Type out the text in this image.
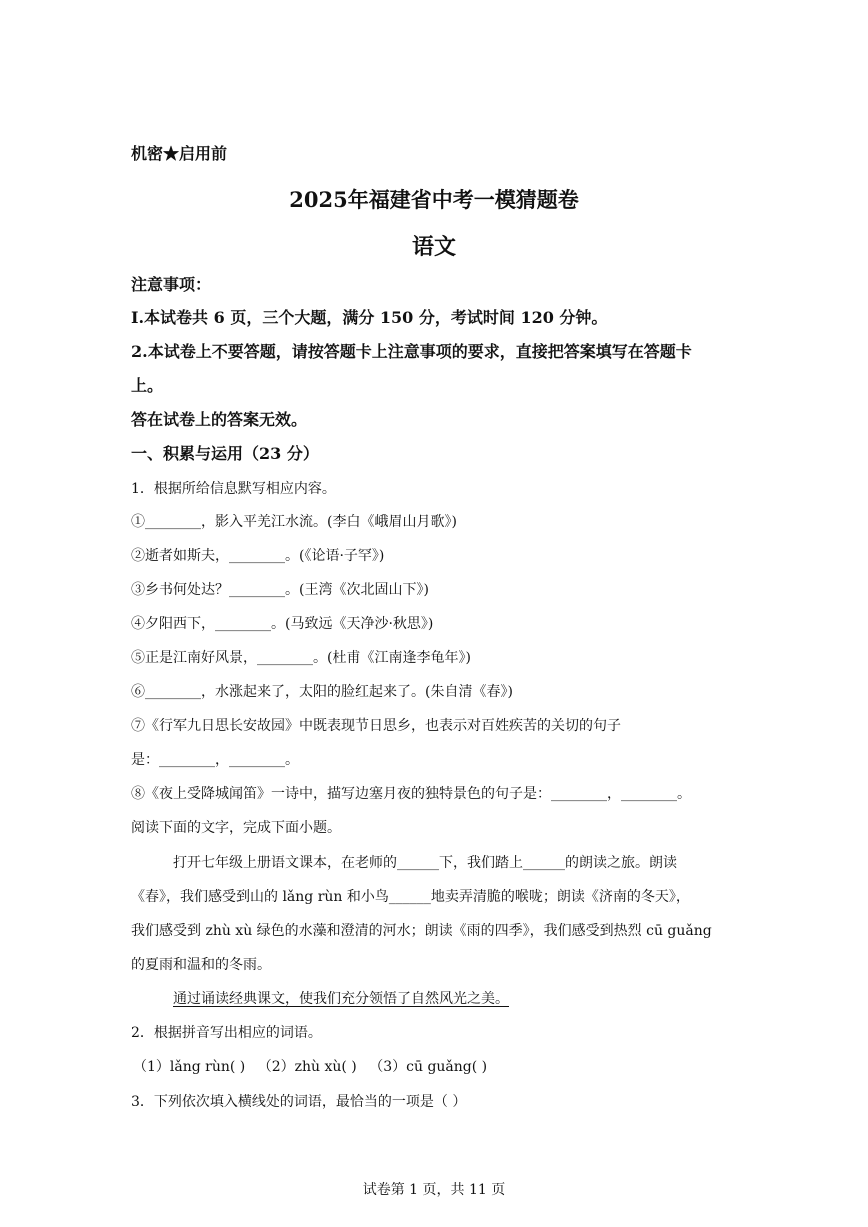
机密★启用前
2025年福建省中考一模猜题卷
语文
注意事项：
I.本试卷共 6 页，三个大题，满分 150 分，考试时间 120 分钟。
2.本试卷上不要答题，请按答题卡上注意事项的要求，直接把答案填写在答题卡
上。
答在试卷上的答案无效。
一、积累与运用（23 分）
1．根据所给信息默写相应内容。
①________，影入平羌江水流。(李白《峨眉山月歌》)
②逝者如斯夫，________。(《论语·子罕》)
③乡书何处达？________。(王湾《次北固山下》)
④夕阳西下，________。(马致远《天净沙·秋思》)
⑤正是江南好风景，________。(杜甫《江南逢李龟年》)
⑥________，水涨起来了，太阳的脸红起来了。(朱自清《春》)
⑦《行军九日思长安故园》中既表现节日思乡，也表示对百姓疾苦的关切的句子
是：________，________。
⑧《夜上受降城闻笛》一诗中，描写边塞月夜的独特景色的句子是：________，________。
阅读下面的文字，完成下面小题。
打开七年级上册语文课本，在老师的______下，我们踏上______的朗读之旅。朗读
《春》，我们感受到山的 lǎng rùn 和小鸟______地卖弄清脆的喉咙；朗读《济南的冬天》，
我们感受到 zhù xù 绿色的水藻和澄清的河水；朗读《雨的四季》，我们感受到热烈 cū guǎng
的夏雨和温和的冬雨。
通过诵读经典课文，使我们充分领悟了自然风光之美。
2．根据拼音写出相应的词语。
（1）lǎng rùn( ) （2）zhù xù( ) （3）cū guǎng( )
3．下列依次填入横线处的词语，最恰当的一项是（ ）
试卷第 1 页，共 11 页
